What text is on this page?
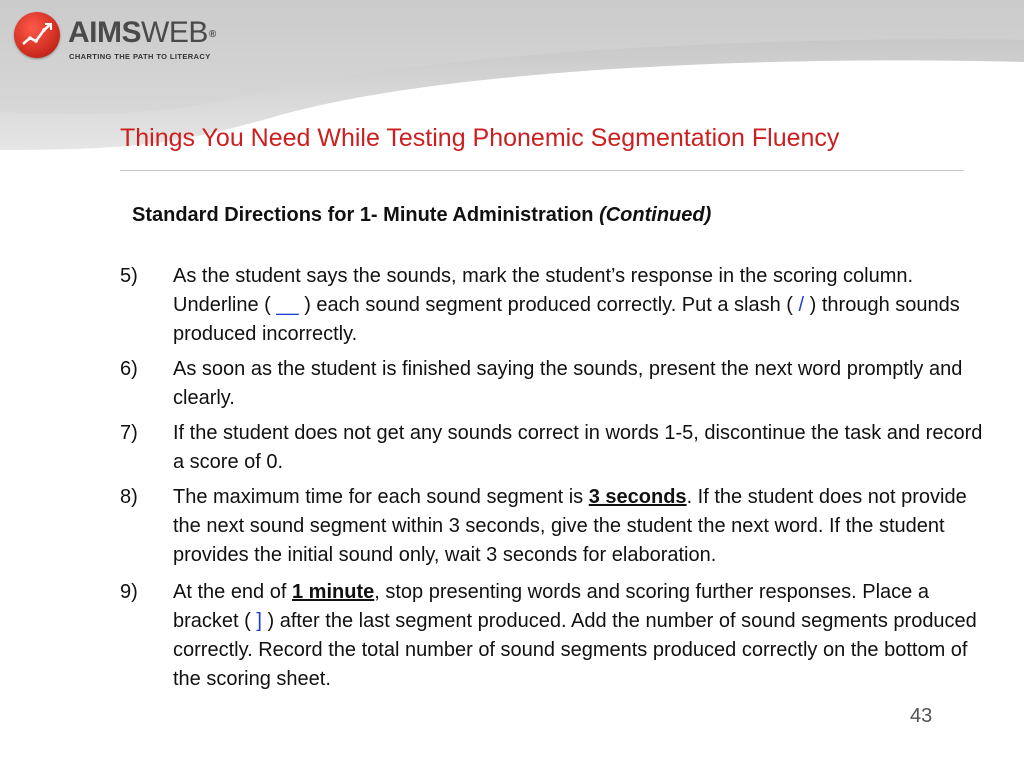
AIMSWEB®
CHARTING THE PATH TO LITERACY
Things You Need While Testing Phonemic Segmentation Fluency
Standard Directions for 1- Minute Administration (Continued)
5)	As the student says the sounds, mark the student’s response in the scoring column. Underline ( __ ) each sound segment produced correctly. Put a slash ( / ) through sounds produced incorrectly.
6)	As soon as the student is finished saying the sounds, present the next word promptly and clearly.
7)	If the student does not get any sounds correct in words 1-5, discontinue the task and record a score of 0.
8)	The maximum time for each sound segment is 3 seconds. If the student does not provide the next sound segment within 3 seconds, give the student the next word. If the student provides the initial sound only, wait 3 seconds for elaboration.
9)	At the end of 1 minute, stop presenting words and scoring further responses. Place a bracket ( ] ) after the last segment produced. Add the number of sound segments produced correctly. Record the total number of sound segments produced correctly on the bottom of the scoring sheet.
43
